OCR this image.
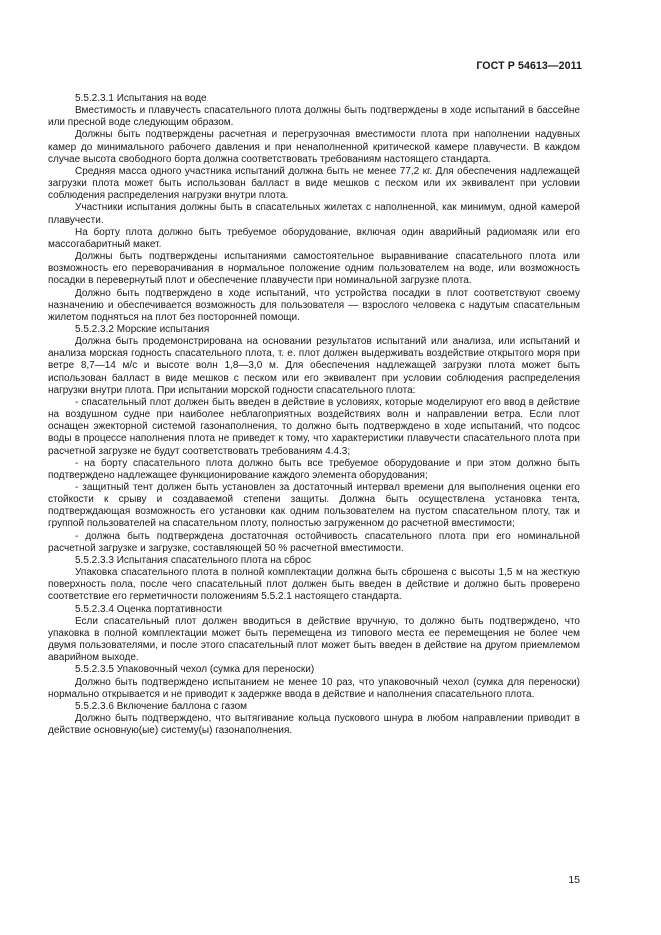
ГОСТ Р 54613—2011

5.5.2.3.1 Испытания на воде

Вместимость и плавучесть спасательного плота должны быть подтверждены в ходе испытаний в бассейне или пресной воде следующим образом.

Должны быть подтверждены расчетная и перегрузочная вместимости плота при наполнении надувных камер до минимального рабочего давления и при ненаполненной критической камере плавучести. В каждом случае высота свободного борта должна соответствовать требованиям настоящего стандарта.

Средняя масса одного участника испытаний должна быть не менее 77,2 кг. Для обеспечения надлежащей загрузки плота может быть использован балласт в виде мешков с песком или их эквивалент при условии соблюдения распределения нагрузки внутри плота.

Участники испытания должны быть в спасательных жилетах с наполненной, как минимум, одной камерой плавучести.

На борту плота должно быть требуемое оборудование, включая один аварийный радиомаяк или его массогабаритный макет.

Должны быть подтверждены испытаниями самостоятельное выравнивание спасательного плота или возможность его переворачивания в нормальное положение одним пользователем на воде, или возможность посадки в перевернутый плот и обеспечение плавучести при номинальной загрузке плота.

Должно быть подтверждено в ходе испытаний, что устройства посадки в плот соответствуют своему назначению и обеспечивается возможность для пользователя — взрослого человека с надутым спасательным жилетом подняться на плот без посторонней помощи.

5.5.2.3.2 Морские испытания

Должна быть продемонстрирована на основании результатов испытаний или анализа, или испытаний и анализа морская годность спасательного плота, т. е. плот должен выдерживать воздействие открытого моря при ветре 8,7—14 м/с и высоте волн 1,8—3,0 м. Для обеспечения надлежащей загрузки плота может быть использован балласт в виде мешков с песком или его эквивалент при условии соблюдения распределения нагрузки внутри плота. При испытании морской годности спасательного плота:

- спасательный плот должен быть введен в действие в условиях, которые моделируют его ввод в действие на воздушном судне при наиболее неблагоприятных воздействиях волн и направлении ветра. Если плот оснащен эжекторной системой газонаполнения, то должно быть подтверждено в ходе испытаний, что подсос воды в процессе наполнения плота не приведет к тому, что характеристики плавучести спасательного плота при расчетной загрузке не будут соответствовать требованиям 4.4.3;

- на борту спасательного плота должно быть все требуемое оборудование и при этом должно быть подтверждено надлежащее функционирование каждого элемента оборудования;

- защитный тент должен быть установлен за достаточный интервал времени для выполнения оценки его стойкости к срыву и создаваемой степени защиты. Должна быть осуществлена установка тента, подтверждающая возможность его установки как одним пользователем на пустом спасательном плоту, так и группой пользователей на спасательном плоту, полностью загруженном до расчетной вместимости;

- должна быть подтверждена достаточная остойчивость спасательного плота при его номинальной расчетной загрузке и загрузке, составляющей 50 % расчетной вместимости.

5.5.2.3.3 Испытания спасательного плота на сброс

Упаковка спасательного плота в полной комплектации должна быть сброшена с высоты 1,5 м на жесткую поверхность пола, после чего спасательный плот должен быть введен в действие и должно быть проверено соответствие его герметичности положениям 5.5.2.1 настоящего стандарта.

5.5.2.3.4 Оценка портативности

Если спасательный плот должен вводиться в действие вручную, то должно быть подтверждено, что упаковка в полной комплектации может быть перемещена из типового места ее перемещения не более чем двумя пользователями, и после этого спасательный плот может быть введен в действие на другом приемлемом аварийном выходе.

5.5.2.3.5 Упаковочный чехол (сумка для переноски)

Должно быть подтверждено испытанием не менее 10 раз, что упаковочный чехол (сумка для переноски) нормально открывается и не приводит к задержке ввода в действие и наполнения спасательного плота.

5.5.2.3.6 Включение баллона с газом

Должно быть подтверждено, что вытягивание кольца пускового шнура в любом направлении приводит в действие основную(ые) систему(ы) газонаполнения.

15
